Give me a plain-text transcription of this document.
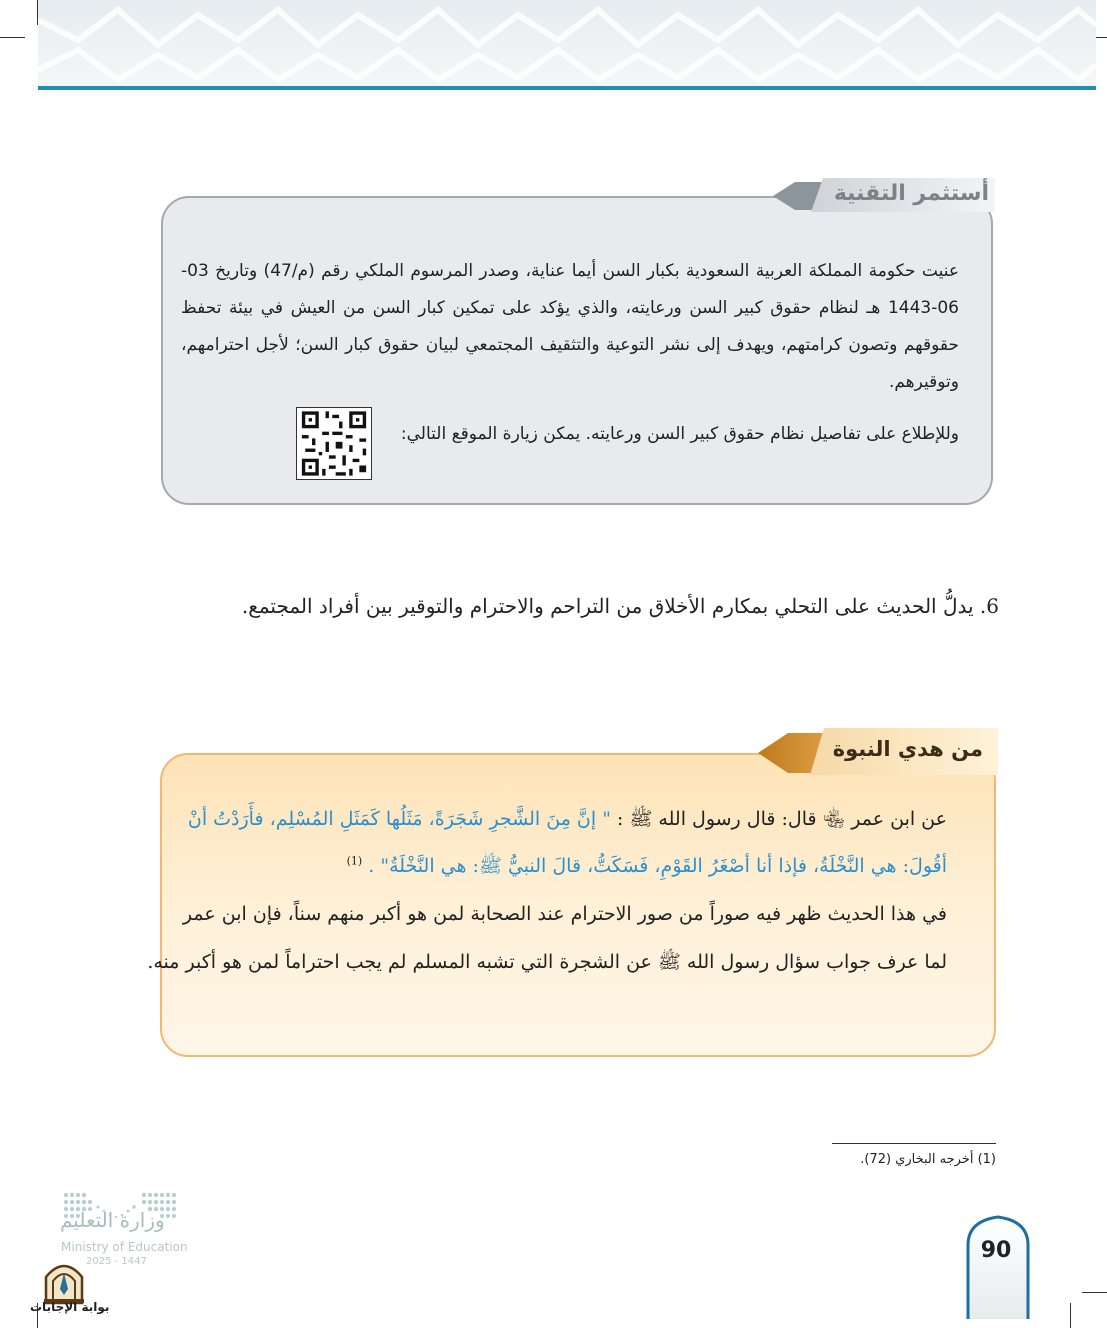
أستثمر التقنية
عنيت حكومة المملكة العربية السعودية بكبار السن أيما عناية، وصدر المرسوم الملكي رقم (م/47) وتاريخ 03-06-1443 هـ لنظام حقوق كبير السن ورعايته، والذي يؤكد على تمكين كبار السن من العيش في بيئة تحفظ حقوقهم وتصون كرامتهم، ويهدف إلى نشر التوعية والتثقيف المجتمعي لبيان حقوق كبار السن؛ لأجل احترامهم، وتوقيرهم.
وللإطلاع على تفاصيل نظام حقوق كبير السن ورعايته. يمكن زيارة الموقع التالي:
6. يدلُّ الحديث على التحلي بمكارم الأخلاق من التراحم والاحترام والتوقير بين أفراد المجتمع.
من هدي النبوة
عن ابن عمر ﵄ قال: قال رسول الله ﷺ : " إنَّ مِنَ الشَّجرِ شَجَرَةً، مَثَلُها كَمَثَلِ المُسْلِم، فأَرَدْتُ أنْ
أقُولَ: هي النَّخْلَةُ، فإذا أنا أصْغَرُ القَوْمِ، فَسَكَتُّ، قالَ النبيُّ ﷺ: هي النَّخْلَةُ" . $^{(1)}$
في هذا الحديث ظهر فيه صوراً من صور الاحترام عند الصحابة لمن هو أكبر منهم سناً، فإن ابن عمر
لما عرف جواب سؤال رسول الله ﷺ عن الشجرة التي تشبه المسلم لم يجب احتراماً لمن هو أكبر منه.
(1) أخرجه البخاري (72).
وزارة التعليم
Ministry of Education
2025 - 1447
بوابة الإجابات
90
